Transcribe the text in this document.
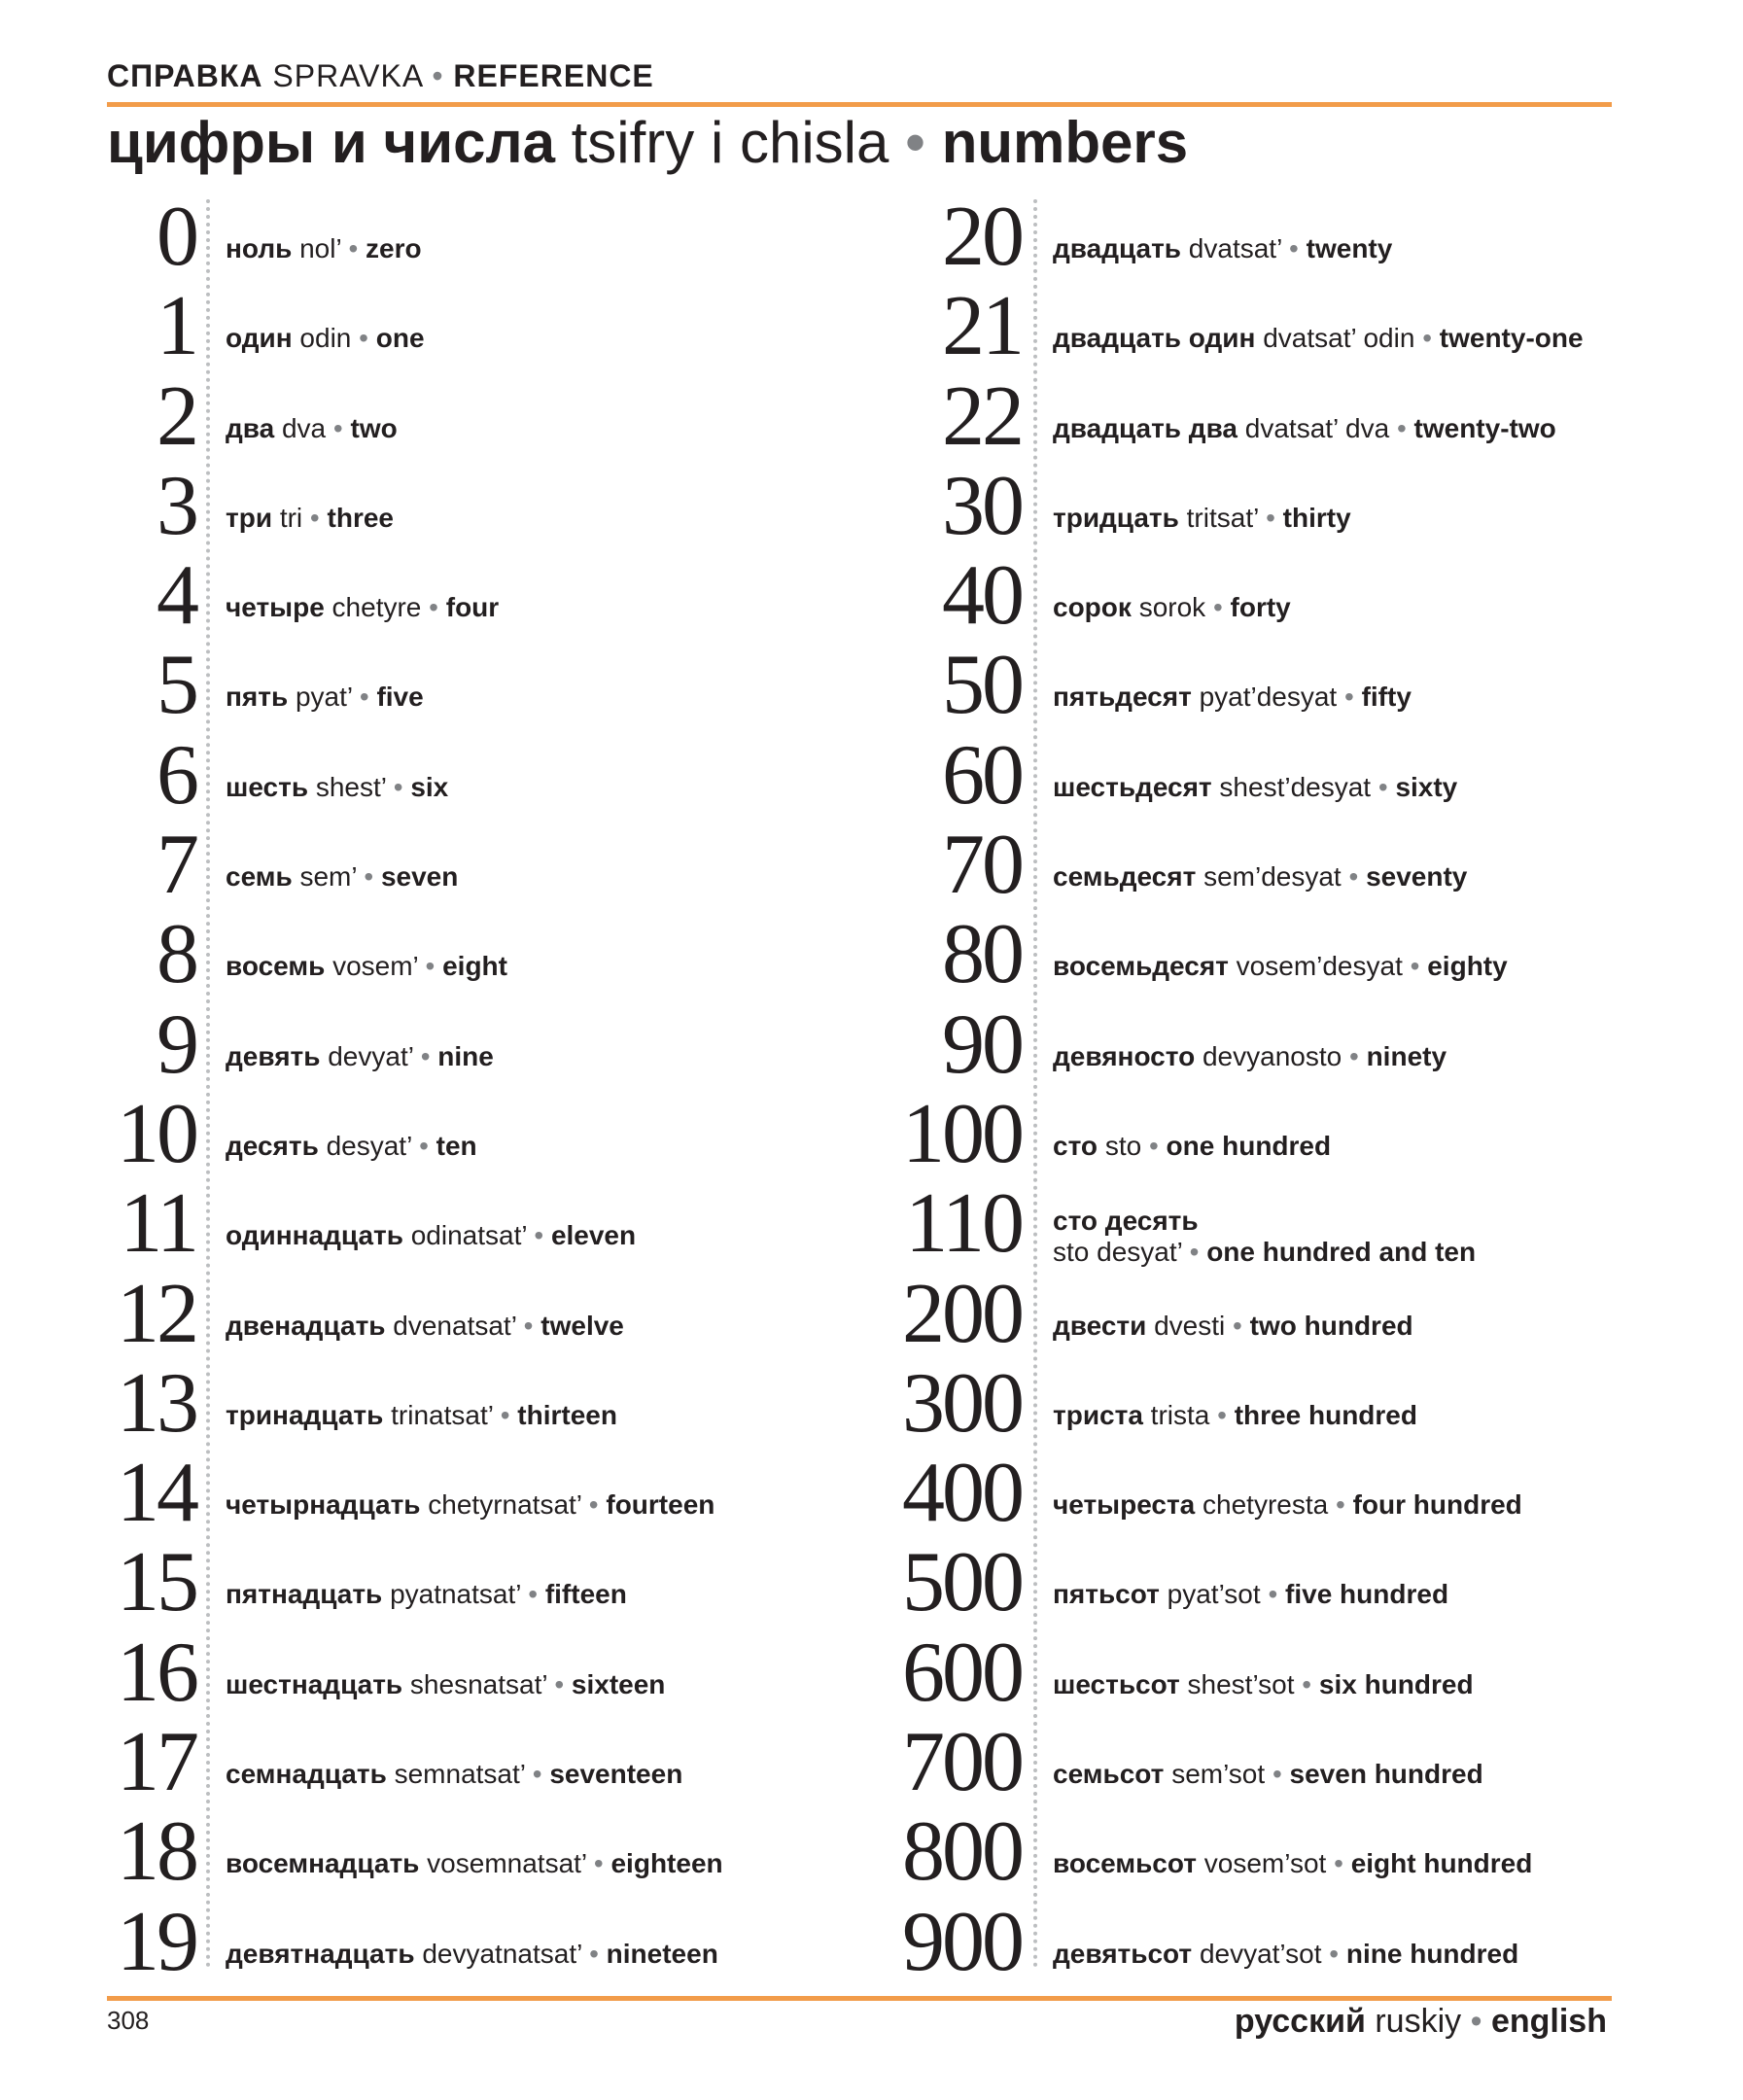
СПРАВКА SPRAVKA • REFERENCE
цифры и числа tsifry i chisla • numbers
0 ноль nol’ • zero
1 один odin • one
2 два dva • two
3 три tri • three
4 четыре chetyre • four
5 пять pyat’ • five
6 шесть shest’ • six
7 семь sem’ • seven
8 восемь vosem’ • eight
9 девять devyat’ • nine
10 десять desyat’ • ten
11 одиннадцать odinatsat’ • eleven
12 двенадцать dvenatsat’ • twelve
13 тринадцать trinatsat’ • thirteen
14 четырнадцать chetyrnatsat’ • fourteen
15 пятнадцать pyatnatsat’ • fifteen
16 шестнадцать shesnatsat’ • sixteen
17 семнадцать semnatsat’ • seventeen
18 восемнадцать vosemnatsat’ • eighteen
19 девятнадцать devyatnatsat’ • nineteen
20 двадцать dvatsat’ • twenty
21 двадцать один dvatsat’ odin • twenty-one
22 двадцать два dvatsat’ dva • twenty-two
30 тридцать tritsat’ • thirty
40 сорок sorok • forty
50 пятьдесят pyat’desyat • fifty
60 шестьдесят shest’desyat • sixty
70 семьдесят sem’desyat • seventy
80 восемьдесят vosem’desyat • eighty
90 девяносто devyanosto • ninety
100 сто sto • one hundred
110 сто десять
sto desyat’ • one hundred and ten
200 двести dvesti • two hundred
300 триста trista • three hundred
400 четыреста chetyresta • four hundred
500 пятьсот pyat’sot • five hundred
600 шестьсот shest’sot • six hundred
700 семьсот sem’sot • seven hundred
800 восемьсот vosem’sot • eight hundred
900 девятьсот devyat’sot • nine hundred
308	русский ruskiy • english
